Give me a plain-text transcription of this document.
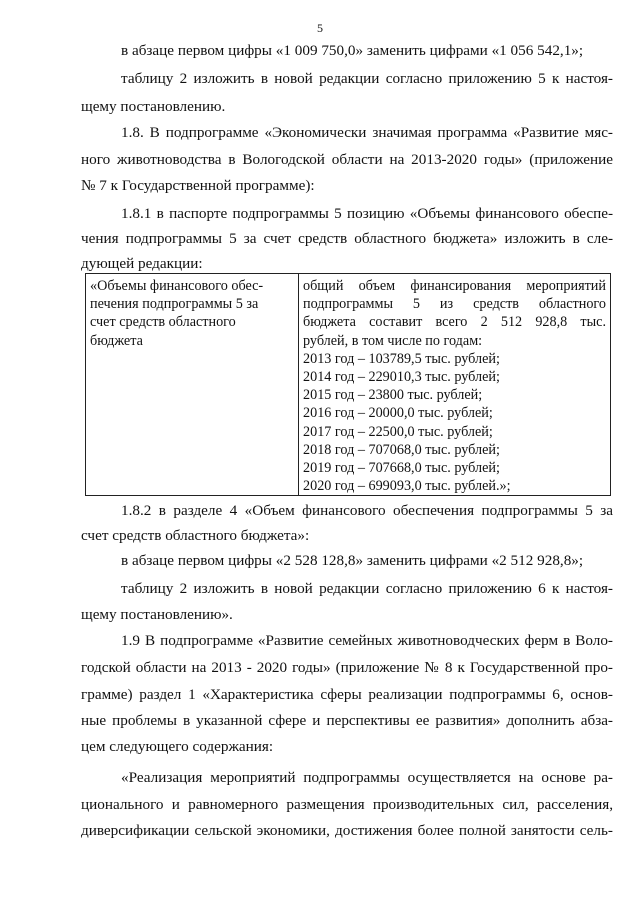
5
в абзаце первом цифры «1 009 750,0» заменить цифрами «1 056 542,1»;
таблицу 2 изложить в новой редакции согласно приложению 5 к настоя-
щему постановлению.
1.8. В подпрограмме «Экономически значимая программа «Развитие мяс-
ного животноводства в Вологодской области на 2013-2020 годы» (приложение
№ 7 к Государственной программе):
1.8.1 в паспорте подпрограммы 5 позицию «Объемы финансового обеспе-
чения подпрограммы 5 за счет средств областного бюджета» изложить в сле-
дующей редакции:
«Объемы финансового обес-
печения подпрограммы 5 за
счет средств областного
бюджета

общий объем финансирования мероприятий
подпрограммы 5 из средств областного
бюджета составит всего 2 512 928,8 тыс.
рублей, в том числе по годам:
2013 год – 103789,5 тыс. рублей;
2014 год – 229010,3 тыс. рублей;
2015 год – 23800 тыс. рублей;
2016 год – 20000,0 тыс. рублей;
2017 год – 22500,0 тыс. рублей;
2018 год – 707068,0 тыс. рублей;
2019 год – 707668,0 тыс. рублей;
2020 год – 699093,0 тыс. рублей.»;
1.8.2 в разделе 4 «Объем финансового обеспечения подпрограммы 5 за
счет средств областного бюджета»:
в абзаце первом цифры «2 528 128,8» заменить цифрами «2 512 928,8»;
таблицу 2 изложить в новой редакции согласно приложению 6 к настоя-
щему постановлению».
1.9 В подпрограмме «Развитие семейных животноводческих ферм в Воло-
годской области на 2013 - 2020 годы» (приложение № 8 к Государственной про-
грамме) раздел 1 «Характеристика сферы реализации подпрограммы 6, основ-
ные проблемы в указанной сфере и перспективы ее развития» дополнить абза-
цем следующего содержания:
«Реализация мероприятий подпрограммы осуществляется на основе ра-
ционального и равномерного размещения производительных сил, расселения,
диверсификации сельской экономики, достижения более полной занятости сель-
